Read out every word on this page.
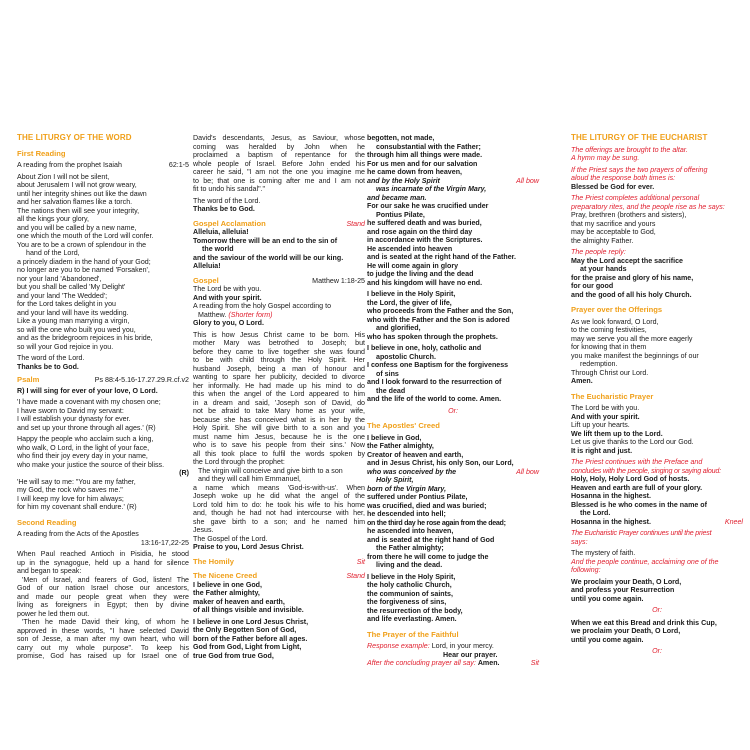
THE LITURGY OF THE WORD
First Reading
A reading from the prophet Isaiah	62:1-5
About Zion I will not be silent,
about Jerusalem I will not grow weary,
until her integrity shines out like the dawn
and her salvation flames like a torch.
The nations then will see your integrity,
all the kings your glory,
and you will be called by a new name,
one which the mouth of the Lord will confer.
You are to be a crown of splendour in the
hand of the Lord,
a princely diadem in the hand of your God;
no longer are you to be named 'Forsaken',
nor your land 'Abandoned',
but you shall be called 'My Delight'
and your land 'The Wedded';
for the Lord takes delight in you
and your land will have its wedding.
Like a young man marrying a virgin,
so will the one who built you wed you,
and as the bridegroom rejoices in his bride,
so will your God rejoice in you.
The word of the Lord.
Thanks be to God.
Psalm	Ps 88:4-5.16-17.27.29.R.cf.v2
R) I will sing for ever of your love, O Lord.
'I have made a covenant with my chosen one;
I have sworn to David my servant:
I will establish your dynasty for ever.
and set up your throne through all ages.' (R)
Happy the people who acclaim such a king,
who walk, O Lord, in the light of your face,
who find their joy every day in your name,
who make your justice the source of their bliss.
(R)
'He will say to me: "You are my father,
my God, the rock who saves me."
I will keep my love for him always;
for him my covenant shall endure.' (R)
Second Reading
A reading from the Acts of the Apostles
13:16-17,22-25
When Paul reached Antioch in Pisidia, he stood
up in the synagogue, held up a hand for silence
and began to speak:
'Men of Israel, and fearers of God, listen! The
God of our nation Israel chose our ancestors,
and made our people great when they were
living as foreigners in Egypt; then by divine
power he led them out.
'Then he made David their king, of whom he
approved in these words, "I have selected David
son of Jesse, a man after my own heart, who will
carry out my whole purpose". To keep his
promise, God has raised up for Israel one of
David's descendants, Jesus, as Saviour, whose
coming was heralded by John when he
proclaimed a baptism of repentance for the
whole people of Israel. Before John ended his
career he said, "I am not the one you imagine me
to be; that one is coming after me and I am not
fit to undo his sandal"."
The word of the Lord.
Thanks be to God.
Gospel Acclamation	Stand
Alleluia, alleluia!
Tomorrow there will be an end to the sin of
the world
and the saviour of the world will be our king.
Alleluia!
Gospel	Matthew 1:18-25
The Lord be with you.
And with your spirit.
A reading from the holy Gospel according to
Matthew. (Shorter form)
Glory to you, O Lord.
This is how Jesus Christ came to be born. His
mother Mary was betrothed to Joseph; but
before they came to live together she was found
to be with child through the Holy Spirit. Her
husband Joseph, being a man of honour and
wanting to spare her publicity, decided to divorce
her informally. He had made up his mind to do
this when the angel of the Lord appeared to him
in a dream and said, 'Joseph son of David, do
not be afraid to take Mary home as your wife,
because she has conceived what is in her by the
Holy Spirit. She will give birth to a son and you
must name him Jesus, because he is the one
who is to save his people from their sins.' Now
all this took place to fulfil the words spoken by
the Lord through the prophet:
The virgin will conceive and give birth to a son
and they will call him Emmanuel,
a name which means 'God-is-with-us'. When
Joseph woke up he did what the angel of the
Lord told him to do: he took his wife to his home
and, though he had not had intercourse with her,
she gave birth to a son; and he named him
Jesus.
The Gospel of the Lord.
Praise to you, Lord Jesus Christ.
The Homily	Sit
The Nicene Creed	Stand
I believe in one God,
the Father almighty,
maker of heaven and earth,
of all things visible and invisible.
I believe in one Lord Jesus Christ,
the Only Begotten Son of God,
born of the Father before all ages.
God from God, Light from Light,
true God from true God,
begotten, not made,
consubstantial with the Father;
through him all things were made.
For us men and for our salvation
he came down from heaven,
and by the Holy Spirit	All bow
was incarnate of the Virgin Mary,
and became man.
For our sake he was crucified under
Pontius Pilate,
he suffered death and was buried,
and rose again on the third day
in accordance with the Scriptures.
He ascended into heaven
and is seated at the right hand of the Father.
He will come again in glory
to judge the living and the dead
and his kingdom will have no end.
I believe in the Holy Spirit,
the Lord, the giver of life,
who proceeds from the Father and the Son,
who with the Father and the Son is adored
and glorified,
who has spoken through the prophets.
I believe in one, holy, catholic and
apostolic Church.
I confess one Baptism for the forgiveness
of sins
and I look forward to the resurrection of
the dead
and the life of the world to come. Amen.
Or:
The Apostles' Creed
I believe in God,
the Father almighty,
Creator of heaven and earth,
and in Jesus Christ, his only Son, our Lord,
who was conceived by the	All bow
Holy Spirit,
born of the Virgin Mary,
suffered under Pontius Pilate,
was crucified, died and was buried;
he descended into hell;
on the third day he rose again from the dead;
he ascended into heaven,
and is seated at the right hand of God
the Father almighty;
from there he will come to judge the
living and the dead.
I believe in the Holy Spirit,
the holy catholic Church,
the communion of saints,
the forgiveness of sins,
the resurrection of the body,
and life everlasting. Amen.
The Prayer of the Faithful
Response example: Lord, in your mercy.
Hear our prayer.
After the concluding prayer all say: Amen.	Sit
THE LITURGY OF THE EUCHARIST
The offerings are brought to the altar.
A hymn may be sung.
If the Priest says the two prayers of offering
aloud the response both times is:
Blessed be God for ever.
The Priest completes additional personal
preparatory rites, and the people rise as he says:
Pray, brethren (brothers and sisters),
that my sacrifice and yours
may be acceptable to God,
the almighty Father.
The people reply:
May the Lord accept the sacrifice
at your hands
for the praise and glory of his name,
for our good
and the good of all his holy Church.
Prayer over the Offerings
As we look forward, O Lord,
to the coming festivities,
may we serve you all the more eagerly
for knowing that in them
you make manifest the beginnings of our
redemption.
Through Christ our Lord.
Amen.
The Eucharistic Prayer
The Lord be with you.
And with your spirit.
Lift up your hearts.
We lift them up to the Lord.
Let us give thanks to the Lord our God.
It is right and just.
The Priest continues with the Preface and
concludes with the people, singing or saying aloud:
Holy, Holy, Holy Lord God of hosts.
Heaven and earth are full of your glory.
Hosanna in the highest.
Blessed is he who comes in the name of
the Lord.
Hosanna in the highest.	Kneel
The Eucharistic Prayer continues until the priest
says:
The mystery of faith.
And the people continue, acclaiming one of the
following:
We proclaim your Death, O Lord,
and profess your Resurrection
until you come again.
Or:
When we eat this Bread and drink this Cup,
we proclaim your Death, O Lord,
until you come again.
Or:
